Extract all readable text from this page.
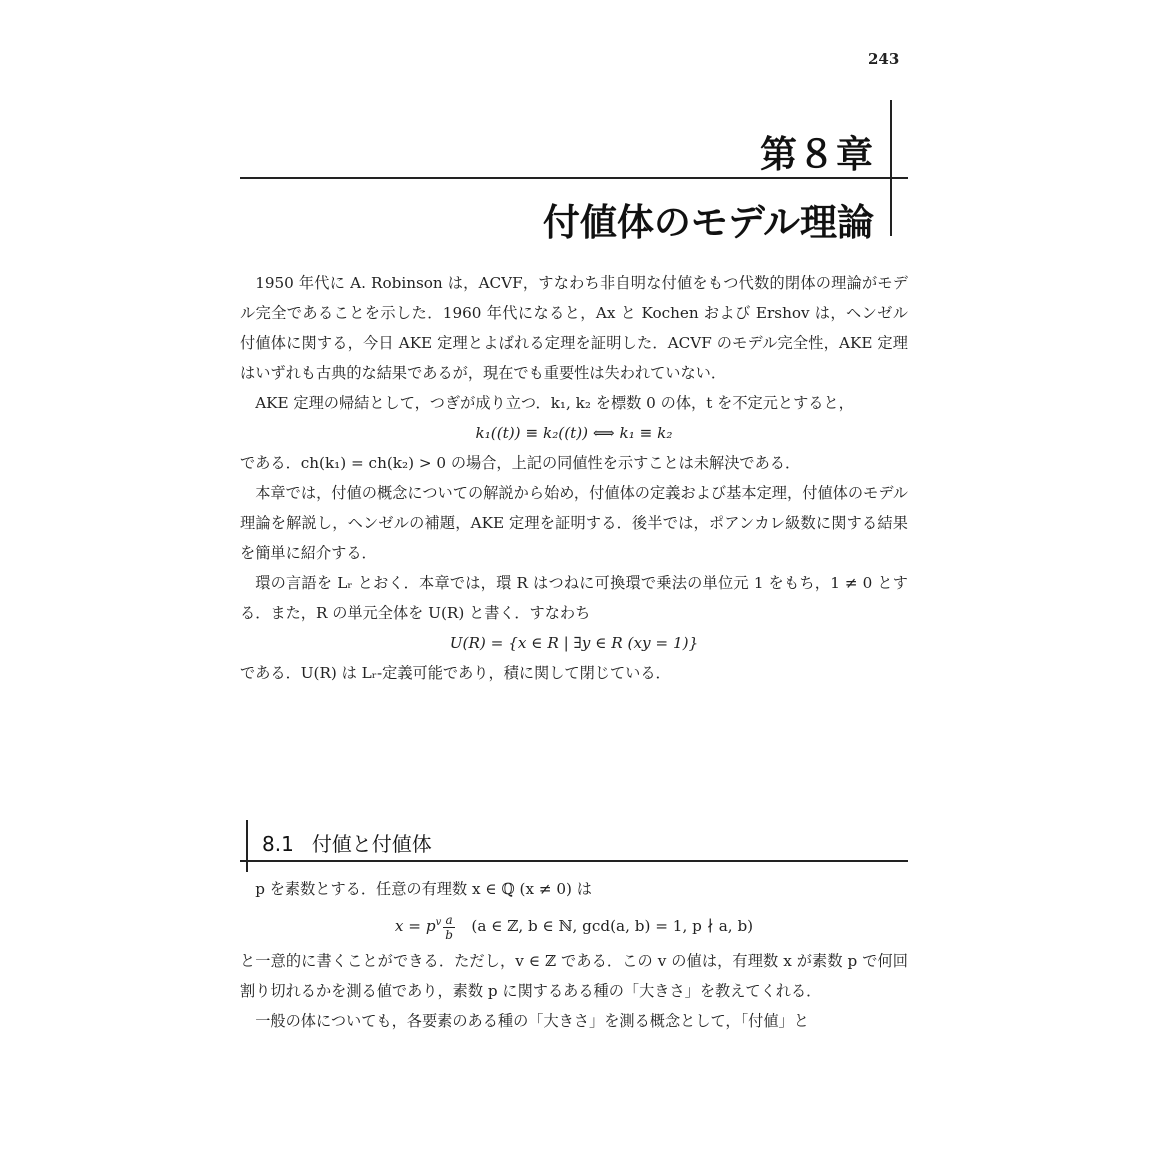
243
第８章
付値体のモデル理論

1950 年代に A. Robinson は，ACVF，すなわち非自明な付値をもつ代数的閉体の理論がモデル完全であることを示した．1960 年代になると，Ax と Kochen および Ershov は，ヘンゼル付値体に関する，今日 AKE 定理とよばれる定理を証明した．ACVF のモデル完全性，AKE 定理はいずれも古典的な結果であるが，現在でも重要性は失われていない．

AKE 定理の帰結として，つぎが成り立つ．k₁, k₂ を標数 0 の体，t を不定元とすると，

k₁((t)) ≡ k₂((t)) ⟺ k₁ ≡ k₂

である．ch(k₁) = ch(k₂) > 0 の場合，上記の同値性を示すことは未解決である．

本章では，付値の概念についての解説から始め，付値体の定義および基本定理，付値体のモデル理論を解説し，ヘンゼルの補題，AKE 定理を証明する．後半では，ポアンカレ級数に関する結果を簡単に紹介する．

環の言語を Lᵣ とおく．本章では，環 R はつねに可換環で乗法の単位元 1 をもち，1 ≠ 0 とする．また，R の単元全体を U(R) と書く．すなわち

U(R) = {x ∈ R | ∃y ∈ R (xy = 1)}

である．U(R) は Lᵣ-定義可能であり，積に関して閉じている．

8.1 付値と付値体

p を素数とする．任意の有理数 x ∈ ℚ (x ≠ 0) は

$x = p^v \frac{a}{b} (a$ ∈ ℤ, b ∈ ℕ, gcd(a, b) = 1, p ∤ a, b)

と一意的に書くことができる．ただし，v ∈ ℤ である．この v の値は，有理数 x が素数 p で何回割り切れるかを測る値であり，素数 p に関するある種の「大きさ」を教えてくれる．

一般の体についても，各要素のある種の「大きさ」を測る概念として，「付値」と
